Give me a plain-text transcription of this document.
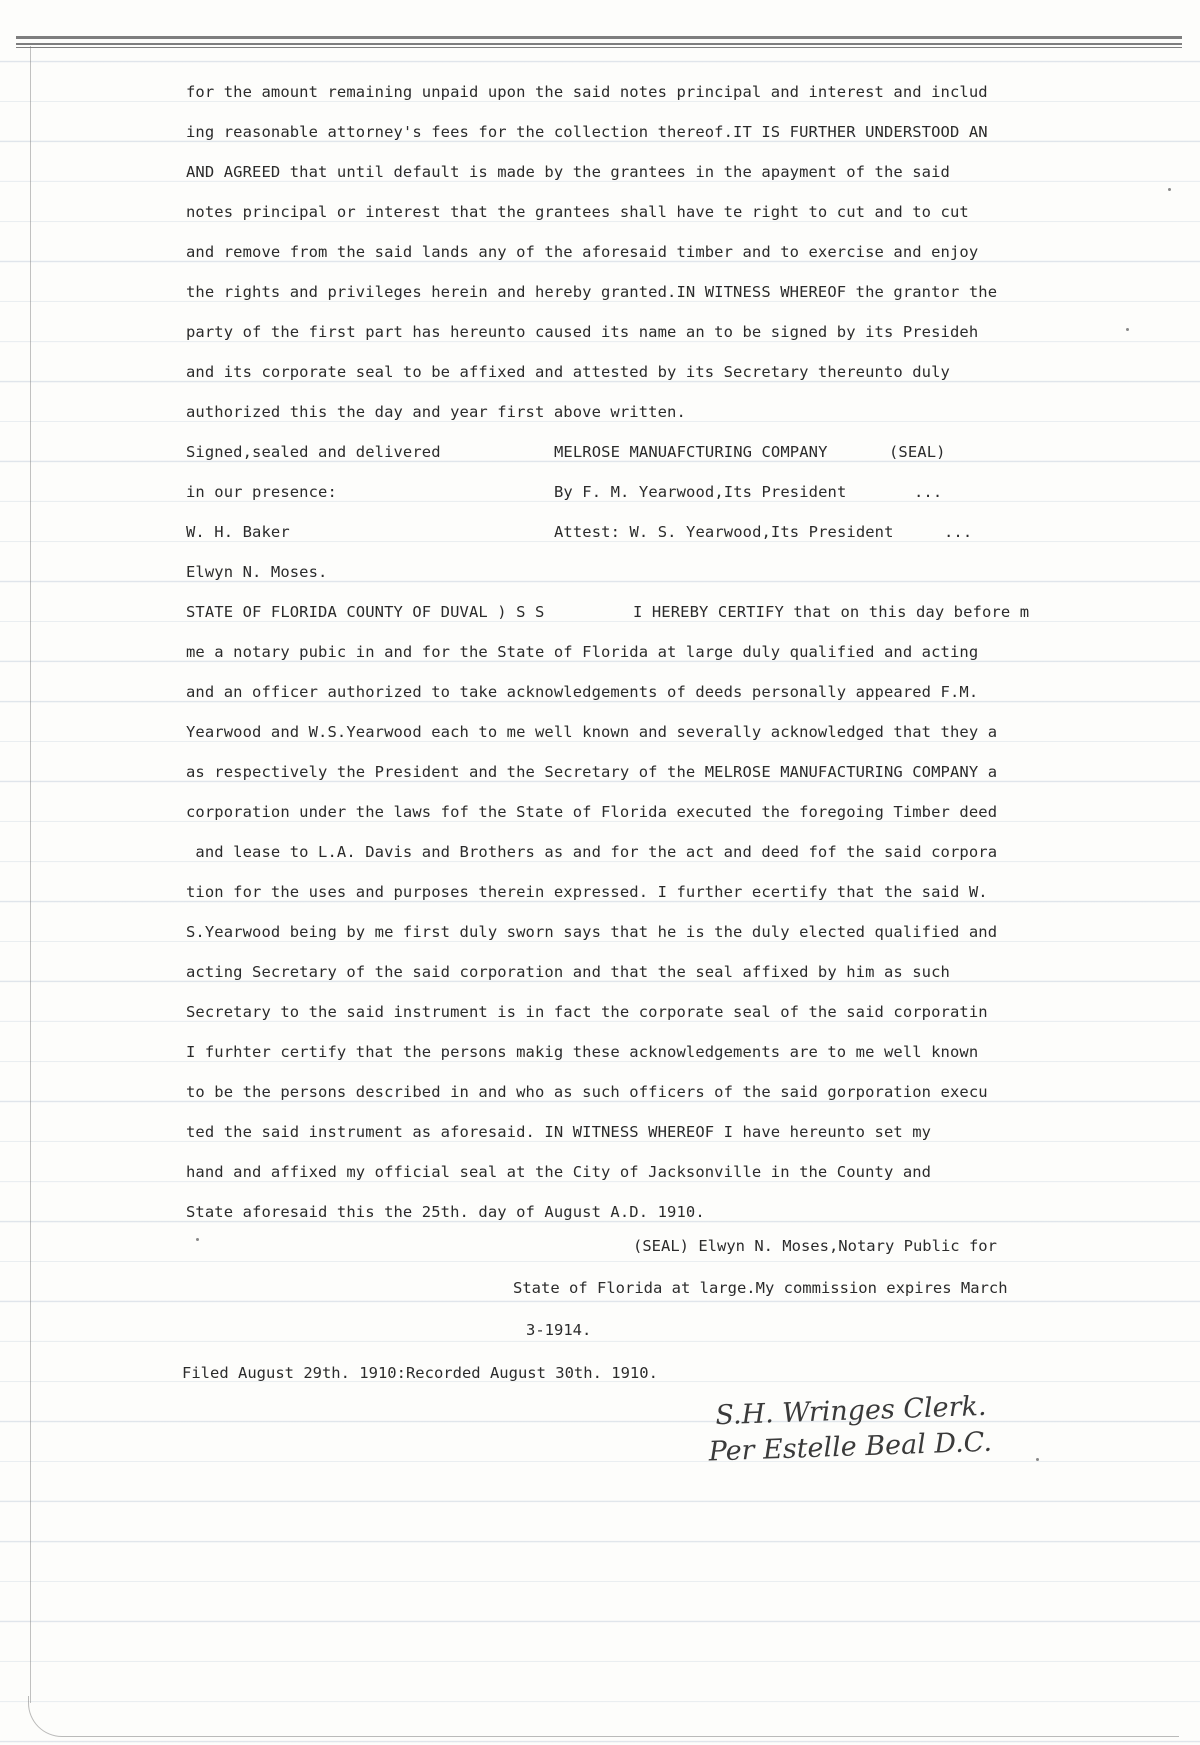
for the amount remaining unpaid upon the said notes principal and interest and includ
ing reasonable attorney's fees for the collection thereof.IT IS FURTHER UNDERSTOOD AN
AND AGREED that until default is made by the grantees in the apayment of the said
notes principal or interest that the grantees shall have te right to cut and to cut
and remove from the said lands any of the aforesaid timber and to exercise and enjoy
the rights and privileges herein and hereby granted.IN WITNESS WHEREOF the grantor the
party of the first part has hereunto caused its name an to be signed by its Presideh
and its corporate seal to be affixed and attested by its Secretary thereunto duly
authorized this the day and year first above written.
Signed,sealed and delivered	MELROSE MANUAFCTURING COMPANY	(SEAL)
in our presence:	By F. M. Yearwood,Its President	...
W. H. Baker	Attest: W. S. Yearwood,Its President	...
Elwyn N. Moses.
STATE OF FLORIDA COUNTY OF DUVAL ) S S	I HEREBY CERTIFY that on this day before m
me a notary pubic in and for the State of Florida at large duly qualified and acting
and an officer authorized to take acknowledgements of deeds personally appeared F.M.
Yearwood and W.S.Yearwood each to me well known and severally acknowledged that they a
as respectively the President and the Secretary of the MELROSE MANUFACTURING COMPANY a
corporation under the laws fof the State of Florida executed the foregoing Timber deed
and lease to L.A. Davis and Brothers as and for the act and deed fof the said corpora
tion for the uses and purposes therein expressed. I further ecertify that the said W.
S.Yearwood being by me first duly sworn says that he is the duly elected qualified and
acting Secretary of the said corporation and that the seal affixed by him as such
Secretary to the said instrument is in fact the corporate seal of the said corporatin
I furhter certify that the persons makig these acknowledgements are to me well known
to be the persons described in and who as such officers of the said gorporation execu
ted the said instrument as aforesaid. IN WITNESS WHEREOF I have hereunto set my
hand and affixed my official seal at the City of Jacksonville in the County and
State aforesaid this the 25th. day of August A.D. 1910.
(SEAL) Elwyn N. Moses,Notary Public for
State of Florida at large.My commission expires March
3-1914.
Filed August 29th. 1910:Recorded August 30th. 1910.
S.H. Wringes Clerk.
Per Estelle Beal D.C.
